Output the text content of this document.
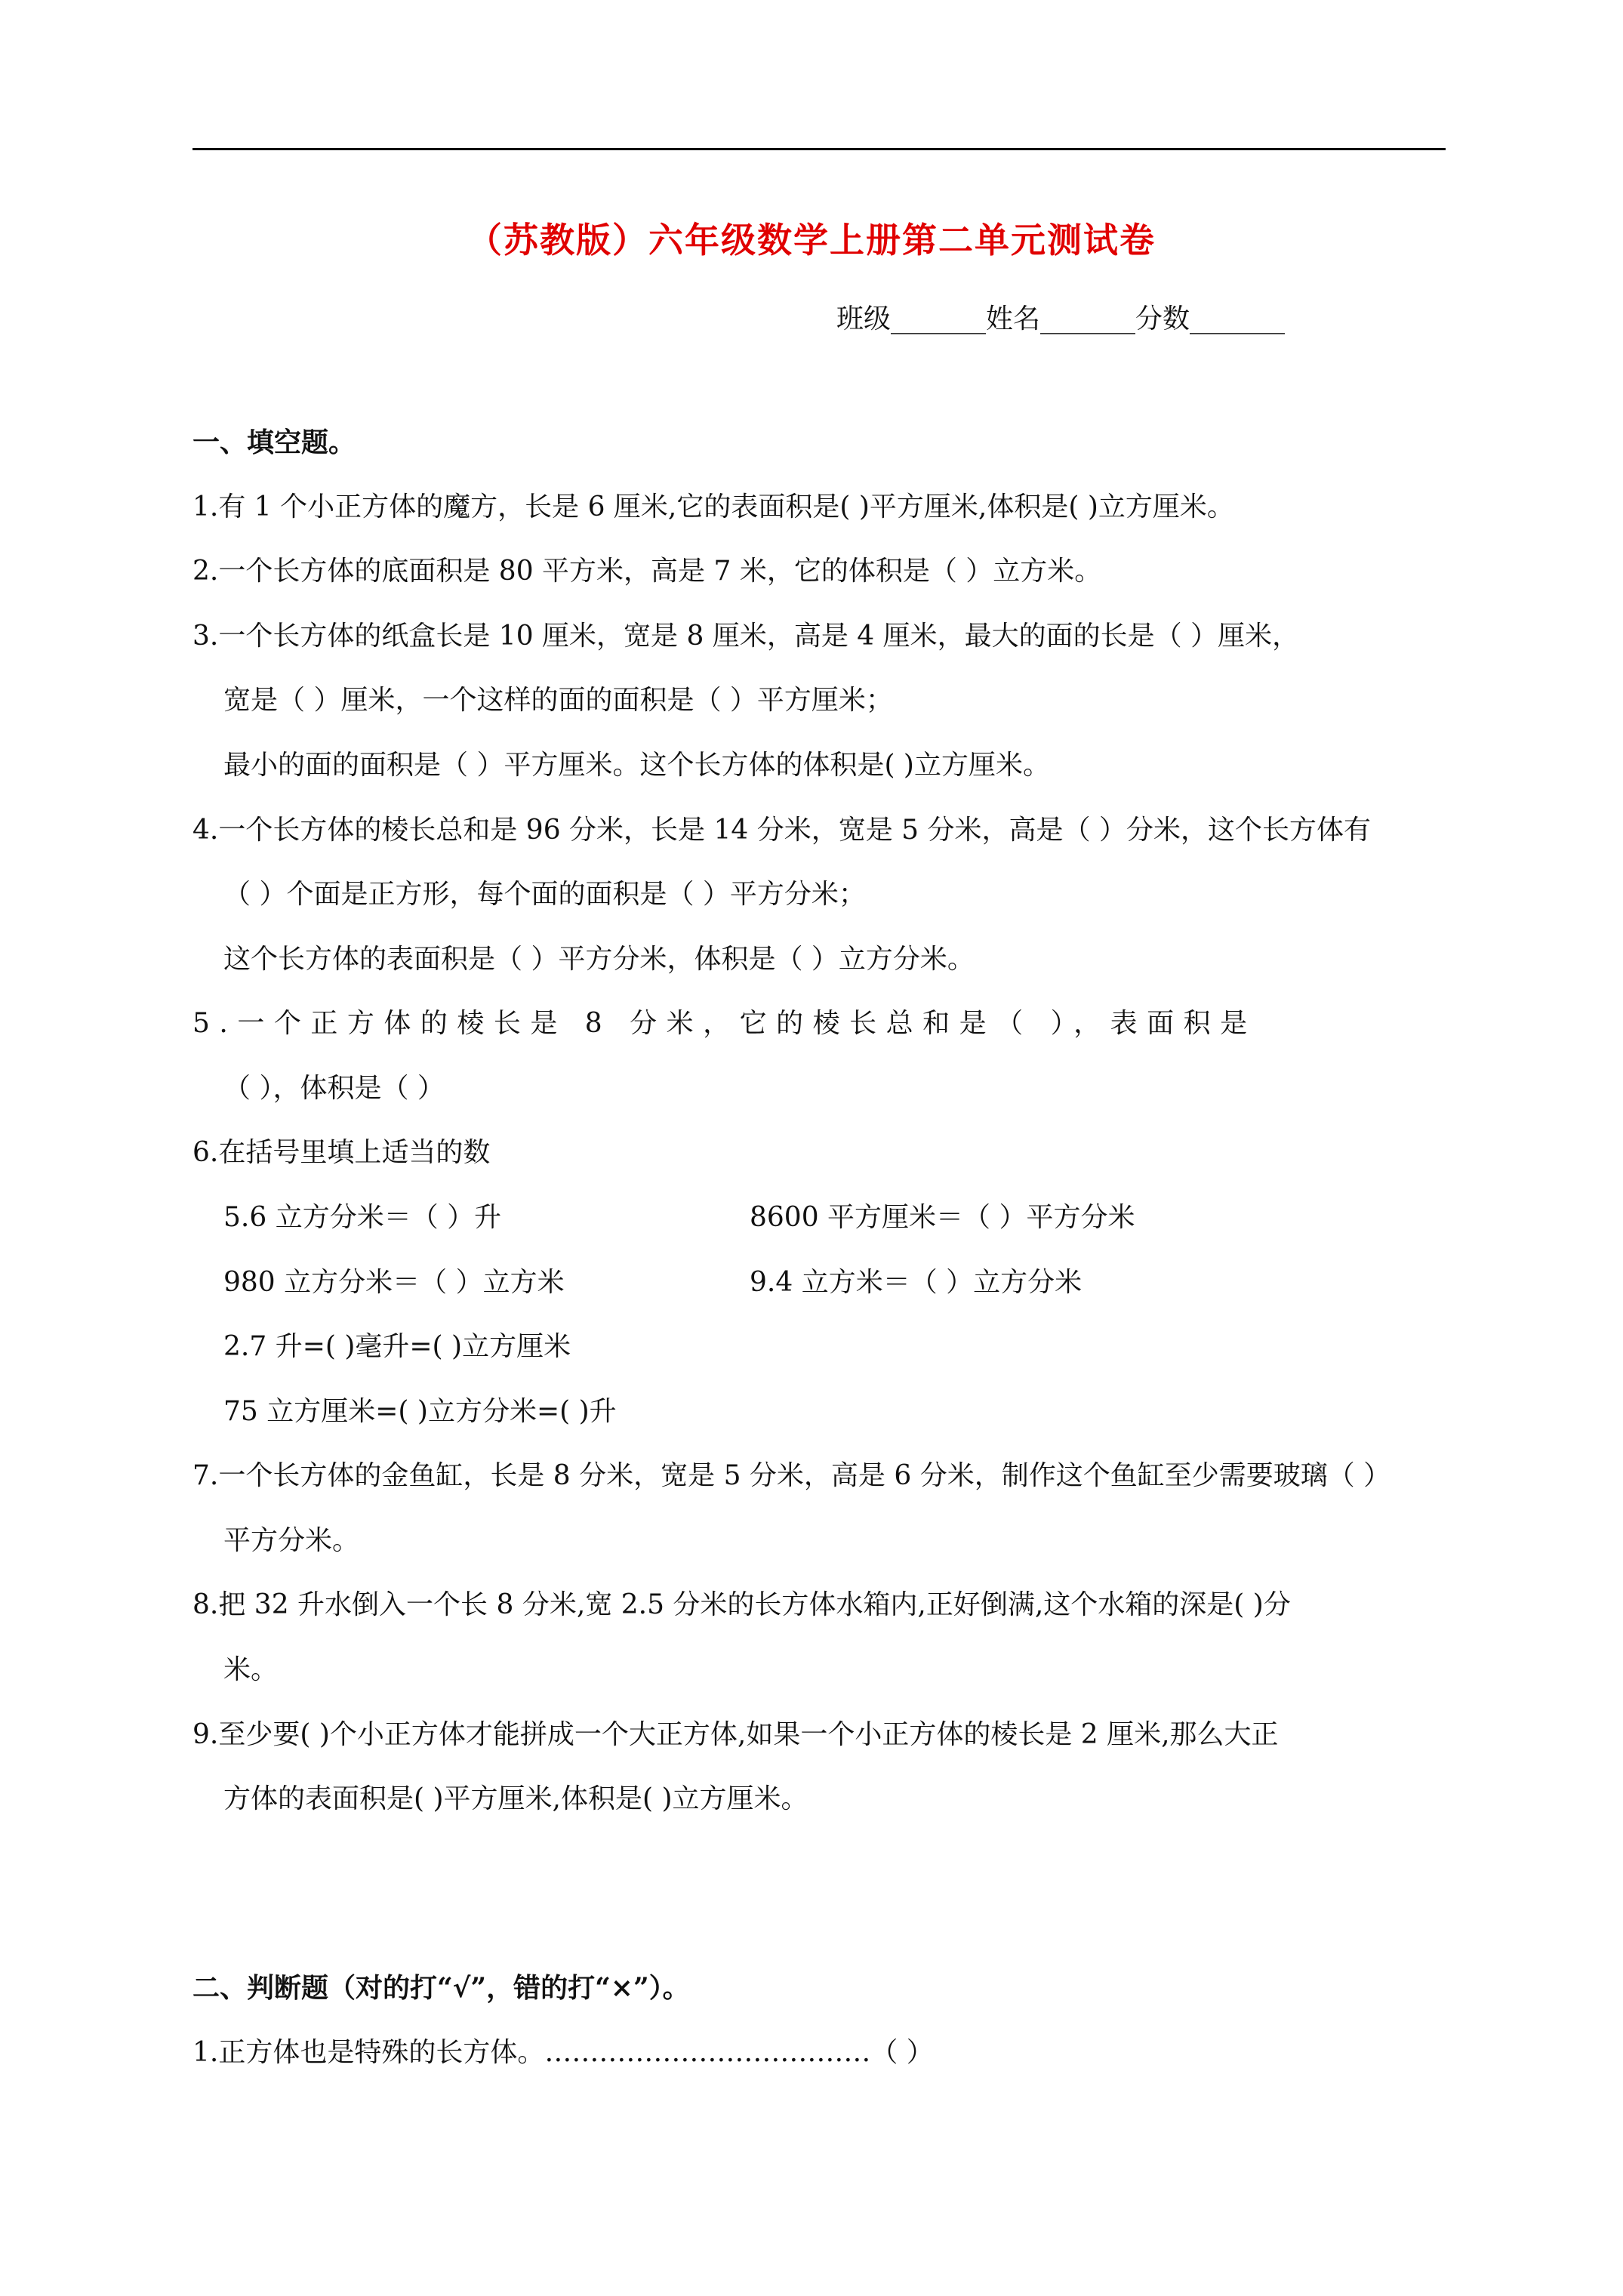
（苏教版）六年级数学上册第二单元测试卷
班级_______姓名_______分数_______
一、填空题。
1.有 1 个小正方体的魔方，长是 6 厘米,它的表面积是( )平方厘米,体积是( )立方厘米。
2.一个长方体的底面积是 80 平方米，高是 7 米，它的体积是（ ）立方米。
3.一个长方体的纸盒长是 10 厘米，宽是 8 厘米，高是 4 厘米，最大的面的长是（ ）厘米，
宽是（ ）厘米，一个这样的面的面积是（ ）平方厘米；
最小的面的面积是（ ）平方厘米。这个长方体的体积是( )立方厘米。
4.一个长方体的棱长总和是 96 分米，长是 14 分米，宽是 5 分米，高是（ ）分米，这个长方体有
（ ）个面是正方形，每个面的面积是（ ）平方分米；
这个长方体的表面积是（ ）平方分米，体积是（ ）立方分米。
5.一个正方体的棱长是 8 分米，它的棱长总和是（ ），表面积是
（ ），体积是（ ）
6.在括号里填上适当的数
5.6 立方分米＝（ ）升	8600 平方厘米＝（ ）平方分米
980 立方分米＝（ ）立方米	9.4 立方米＝（ ）立方分米
2.7 升=( )毫升=( )立方厘米
75 立方厘米=( )立方分米=( )升
7.一个长方体的金鱼缸，长是 8 分米，宽是 5 分米，高是 6 分米，制作这个鱼缸至少需要玻璃（ ）
平方分米。
8.把 32 升水倒入一个长 8 分米,宽 2.5 分米的长方体水箱内,正好倒满,这个水箱的深是( )分
米。
9.至少要( )个小正方体才能拼成一个大正方体,如果一个小正方体的棱长是 2 厘米,那么大正
方体的表面积是( )平方厘米,体积是( )立方厘米。
二、判断题（对的打“√”，错的打“×”）。
1.正方体也是特殊的长方体。………………………………（ ）
